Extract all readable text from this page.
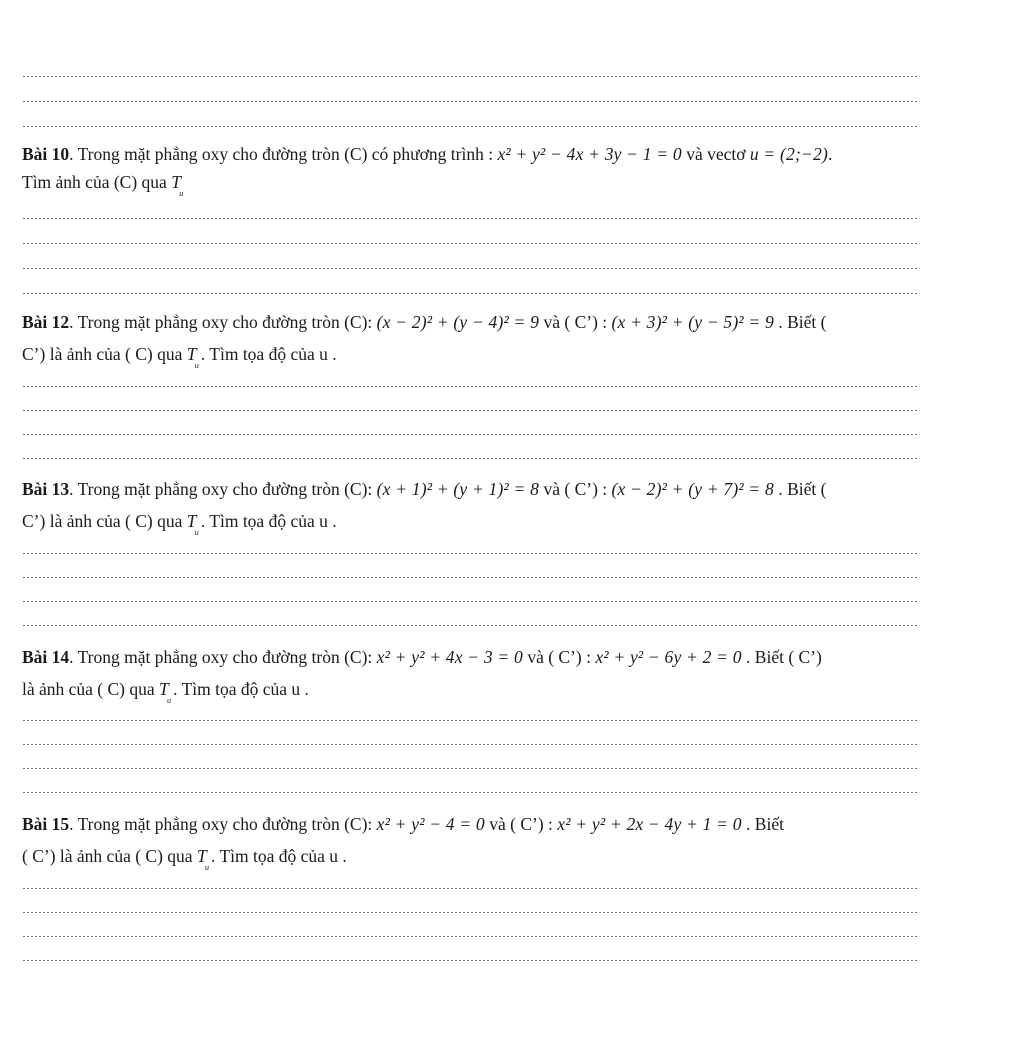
Bài 10. Trong mặt phẳng oxy cho đường tròn (C) có phương trình : x² + y² − 4x + 3y − 1 = 0 và vectơ u = (2;−2).
Tìm ảnh của (C) qua T
u
Bài 12. Trong mặt phẳng oxy cho đường tròn (C): (x − 2)² + (y − 4)² = 9 và ( C’) : (x + 3)² + (y − 5)² = 9 . Biết (
C’) là ảnh của ( C) qua T
u
. Tìm tọa độ của u .
Bài 13. Trong mặt phẳng oxy cho đường tròn (C): (x + 1)² + (y + 1)² = 8 và ( C’) : (x − 2)² + (y + 7)² = 8 . Biết (
C’) là ảnh của ( C) qua T
u
. Tìm tọa độ của u .
Bài 14. Trong mặt phẳng oxy cho đường tròn (C): x² + y² + 4x − 3 = 0 và ( C’) : x² + y² − 6y + 2 = 0 . Biết ( C’)
là ảnh của ( C) qua T
u
. Tìm tọa độ của u .
Bài 15. Trong mặt phẳng oxy cho đường tròn (C): x² + y² − 4 = 0 và ( C’) : x² + y² + 2x − 4y + 1 = 0 . Biết
( C’) là ảnh của ( C) qua T
u
. Tìm tọa độ của u .
